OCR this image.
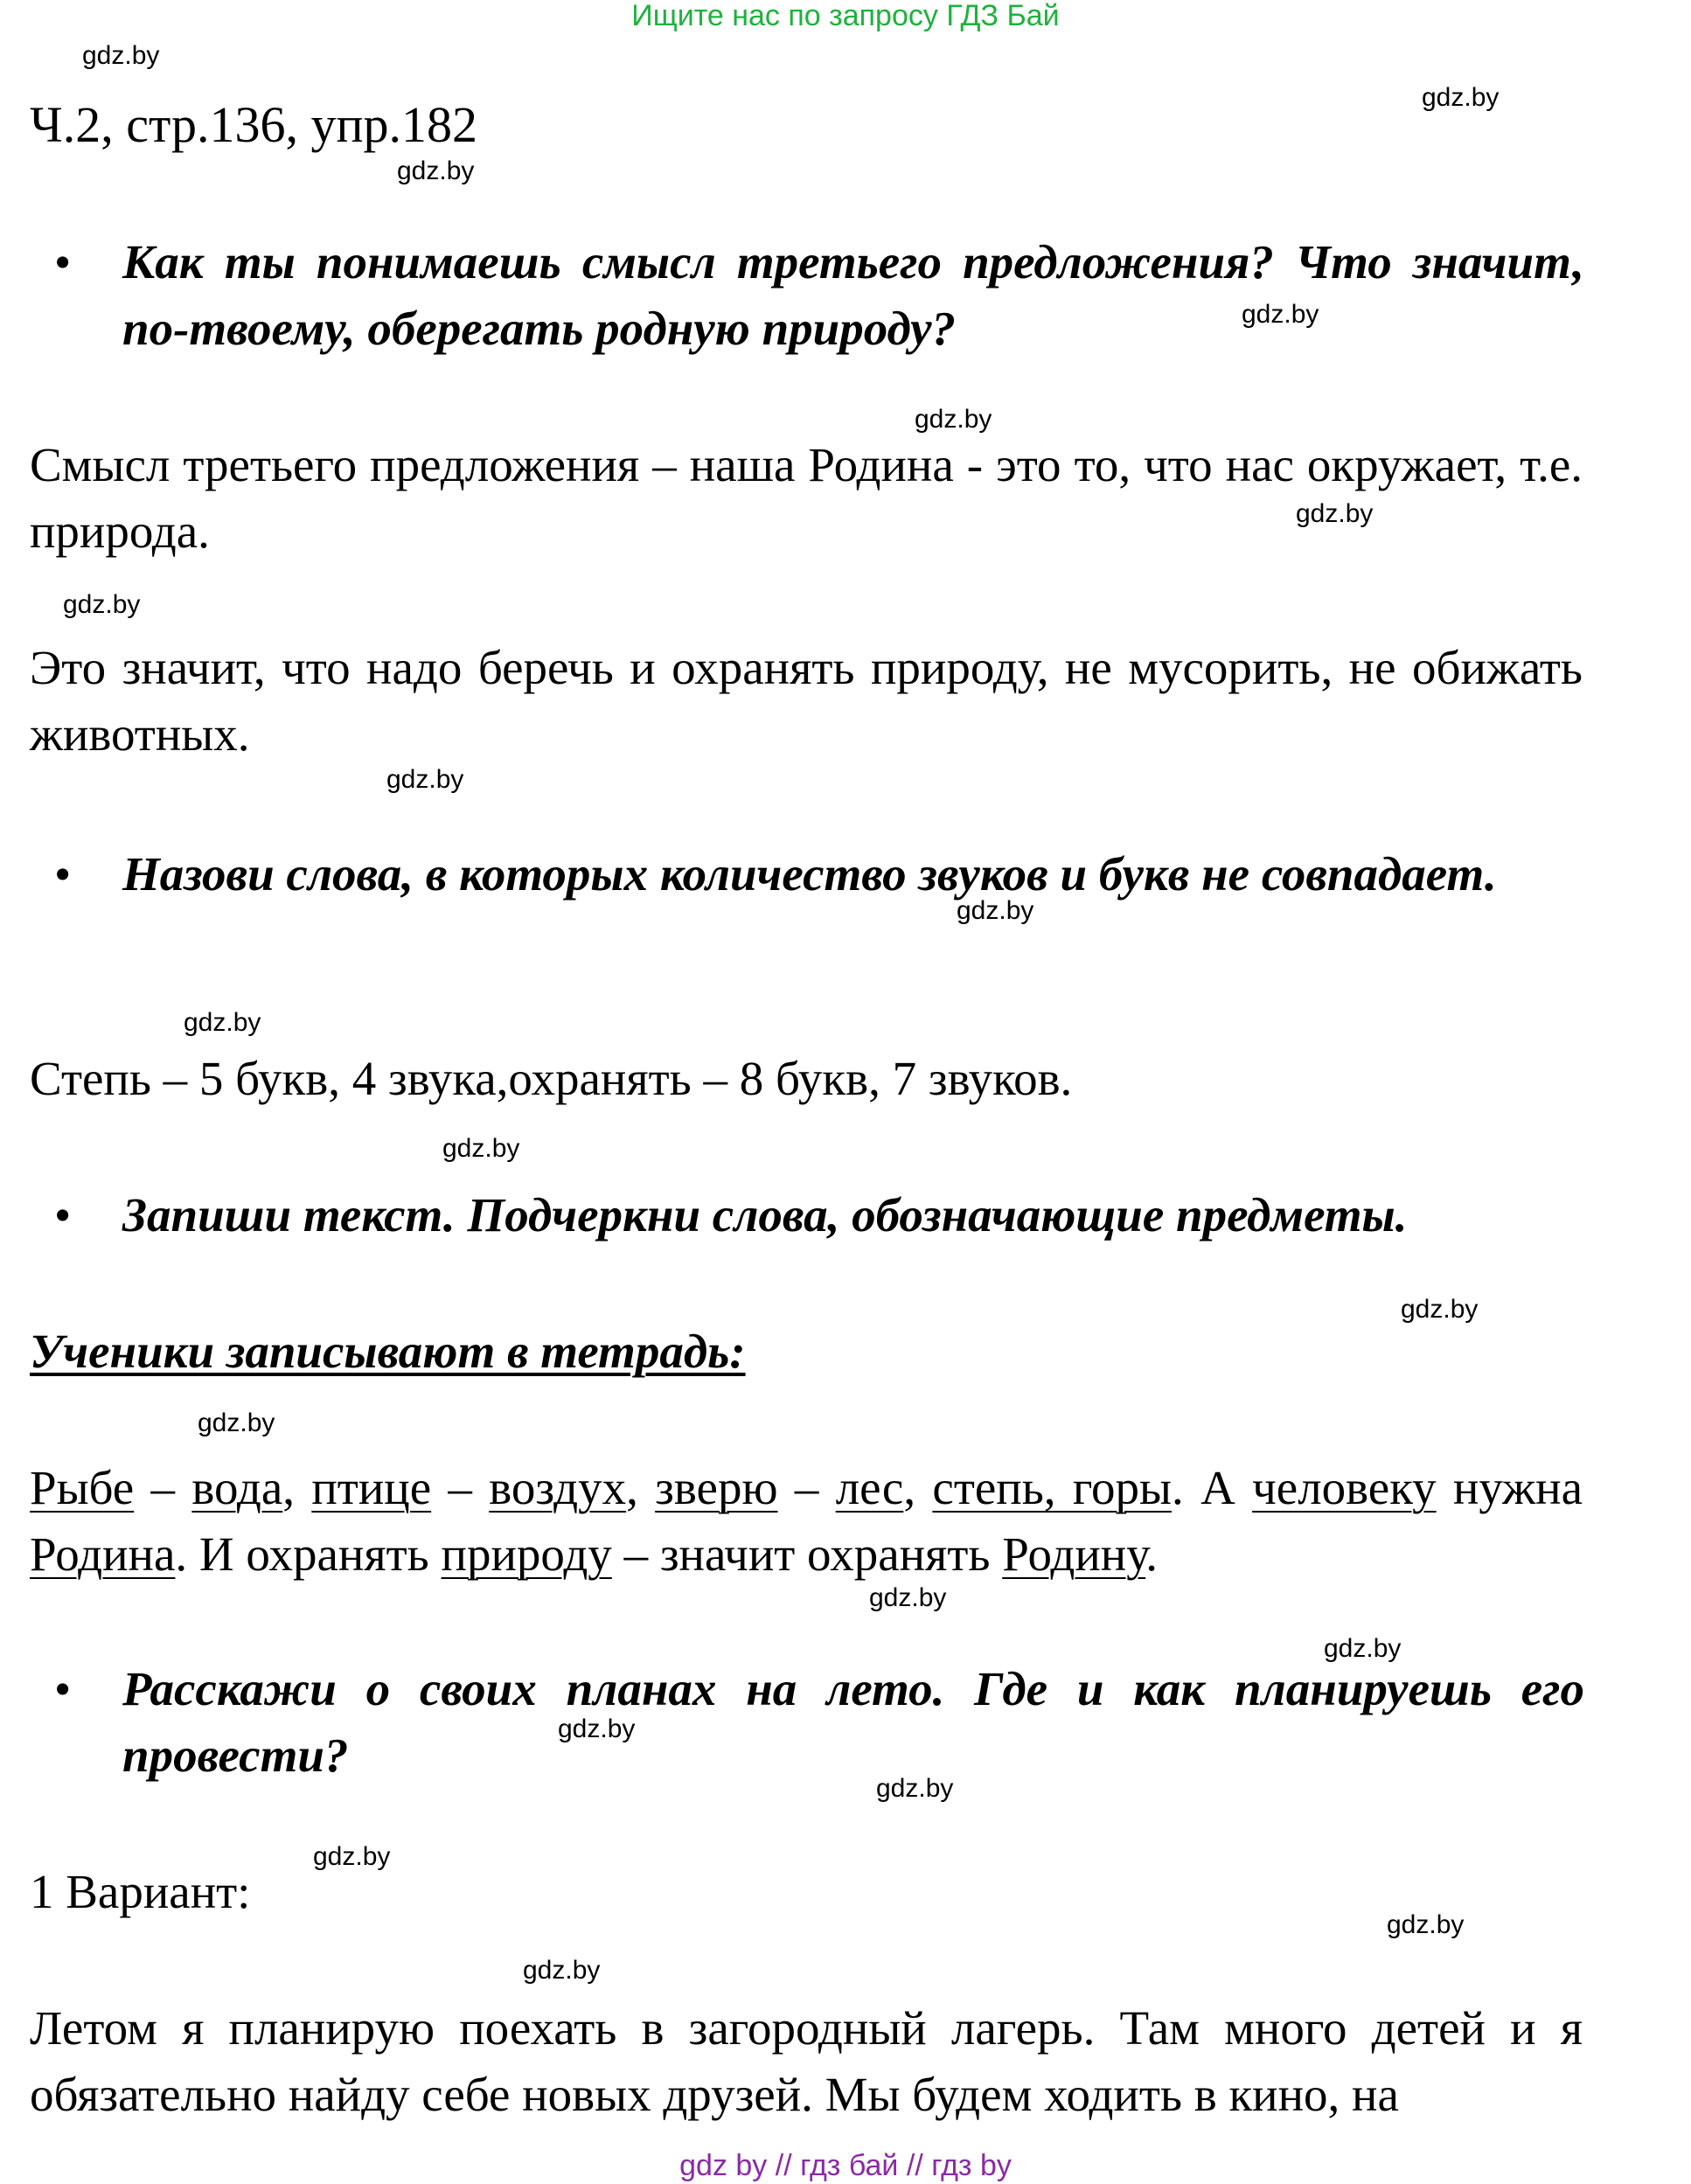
Ищите нас по запросу ГДЗ Бай
Ч.2, стр.136, упр.182
• Как ты понимаешь смысл третьего предложения? Что значит, по-твоему, оберегать родную природу?
Смысл третьего предложения – наша Родина - это то, что нас окружает, т.е. природа.
Это значит, что надо беречь и охранять природу, не мусорить, не обижать животных.
• Назови слова, в которых количество звуков и букв не совпадает.
Степь – 5 букв, 4 звука,охранять – 8 букв, 7 звуков.
• Запиши текст. Подчеркни слова, обозначающие предметы.
Ученики записывают в тетрадь:
Рыбе – вода, птице – воздух, зверю – лес, степь, горы. А человеку нужна Родина. И охранять природу – значит охранять Родину.
• Расскажи о своих планах на лето. Где и как планируешь его провести?
1 Вариант:
Летом я планирую поехать в загородный лагерь. Там много детей и я обязательно найду себе новых друзей. Мы будем ходить в кино, на
gdz.by
gdz.by
gdz.by
gdz.by
gdz.by
gdz.by
gdz.by
gdz.by
gdz.by
gdz.by
gdz.by
gdz.by
gdz.by
gdz.by
gdz.by
gdz.by
gdz.by
gdz.by
gdz.by
gdz.by
gdz by // гдз бай // гдз by
